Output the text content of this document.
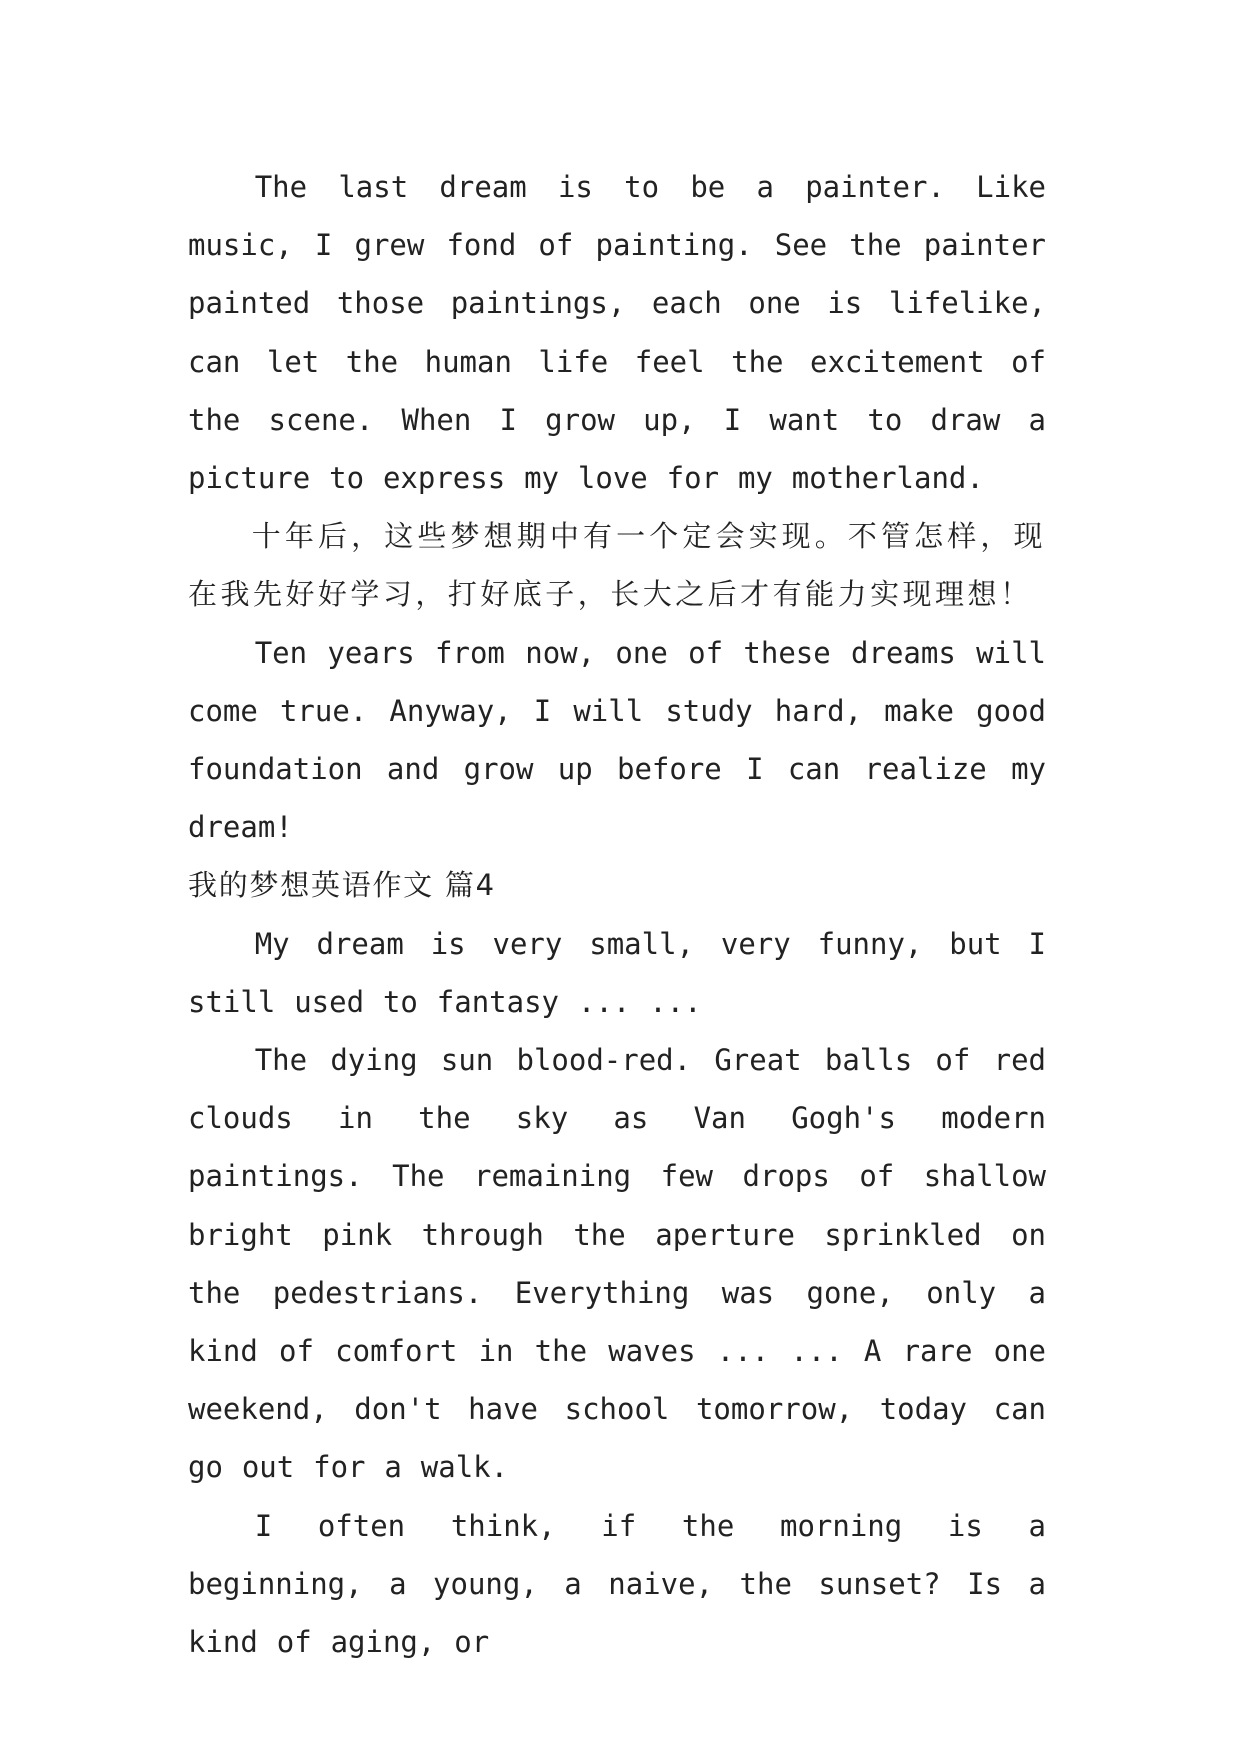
The last dream is to be a painter. Like music, I grew fond of painting. See the painter painted those paintings, each one is lifelike, can let the human life feel the excitement of the scene. When I grow up, I want to draw a picture to express my love for my motherland.

十年后，这些梦想期中有一个定会实现。不管怎样，现在我先好好学习，打好底子，长大之后才有能力实现理想！

Ten years from now, one of these dreams will come true. Anyway, I will study hard, make good foundation and grow up before I can realize my dream!

我的梦想英语作文 篇4

My dream is very small, very funny, but I still used to fantasy ... ...

The dying sun blood-red. Great balls of red clouds in the sky as Van Gogh's modern paintings. The remaining few drops of shallow bright pink through the aperture sprinkled on the pedestrians. Everything was gone, only a kind of comfort in the waves ... ... A rare one weekend, don't have school tomorrow, today can go out for a walk.

I often think, if the morning is a beginning, a young, a naive, the sunset? Is a kind of aging, or
